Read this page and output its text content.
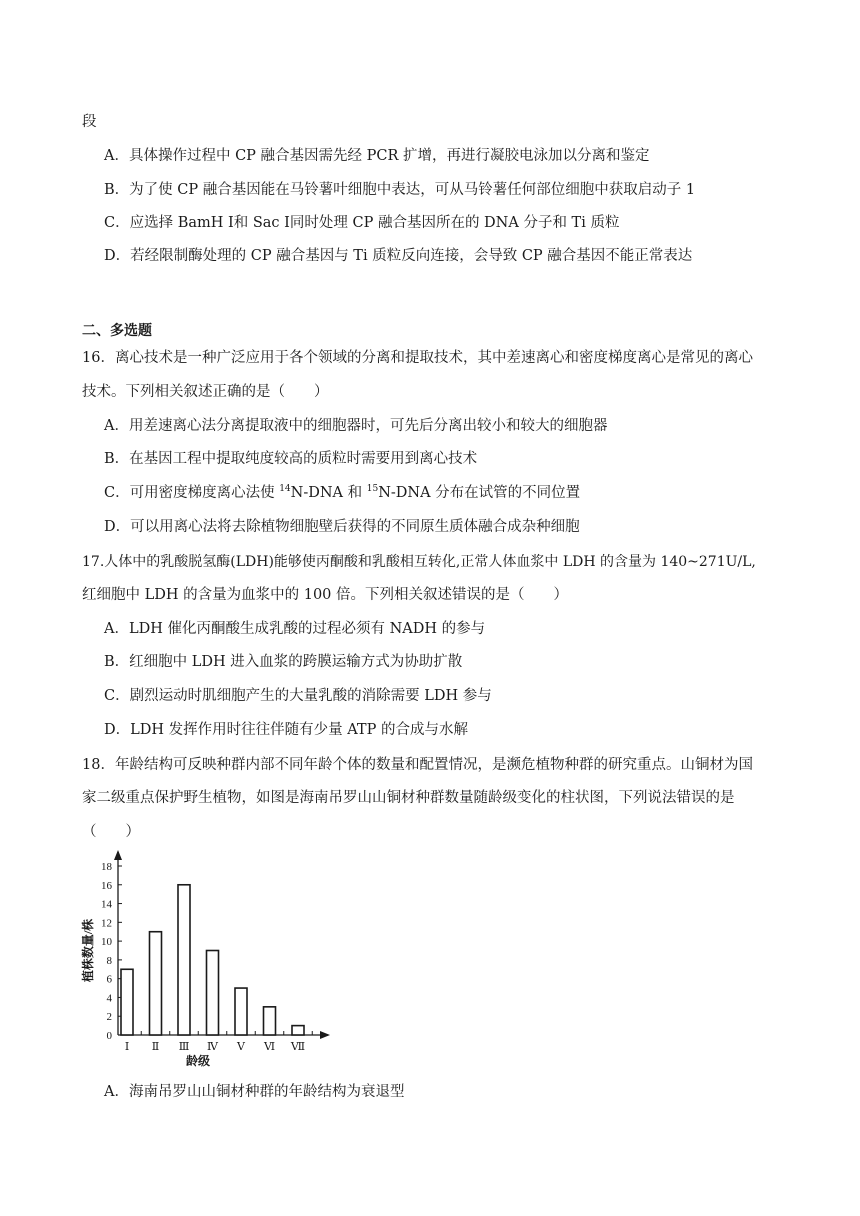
段
A．具体操作过程中 CP 融合基因需先经 PCR 扩增，再进行凝胶电泳加以分离和鉴定
B．为了使 CP 融合基因能在马铃薯叶细胞中表达，可从马铃薯任何部位细胞中获取启动子 1
C．应选择 BamH Ⅰ和 Sac Ⅰ同时处理 CP 融合基因所在的 DNA 分子和 Ti 质粒
D．若经限制酶处理的 CP 融合基因与 Ti 质粒反向连接，会导致 CP 融合基因不能正常表达
二、多选题
16．离心技术是一种广泛应用于各个领域的分离和提取技术，其中差速离心和密度梯度离心是常见的离心
技术。下列相关叙述正确的是（　　）
A．用差速离心法分离提取液中的细胞器时，可先后分离出较小和较大的细胞器
B．在基因工程中提取纯度较高的质粒时需要用到离心技术
C．可用密度梯度离心法使 $^{14}$N-DNA 和 $^{15}$N-DNA 分布在试管的不同位置
D．可以用离心法将去除植物细胞壁后获得的不同原生质体融合成杂种细胞
17.人体中的乳酸脱氢酶(LDH)能够使丙酮酸和乳酸相互转化,正常人体血浆中 LDH 的含量为 140~271U/L,
红细胞中 LDH 的含量为血浆中的 100 倍。下列相关叙述错误的是（　　）
A．LDH 催化丙酮酸生成乳酸的过程必须有 NADH 的参与
B．红细胞中 LDH 进入血浆的跨膜运输方式为协助扩散
C．剧烈运动时肌细胞产生的大量乳酸的消除需要 LDH 参与
D．LDH 发挥作用时往往伴随有少量 ATP 的合成与水解
18．年龄结构可反映种群内部不同年龄个体的数量和配置情况，是濒危植物种群的研究重点。山铜材为国
家二级重点保护野生植物，如图是海南吊罗山山铜材种群数量随龄级变化的柱状图，下列说法错误的是
（　　）
0
2
4
6
8
10
12
14
16
18
Ⅰ Ⅱ Ⅲ Ⅳ Ⅴ Ⅵ Ⅶ
植株数量/株
龄级
A．海南吊罗山山铜材种群的年龄结构为衰退型
